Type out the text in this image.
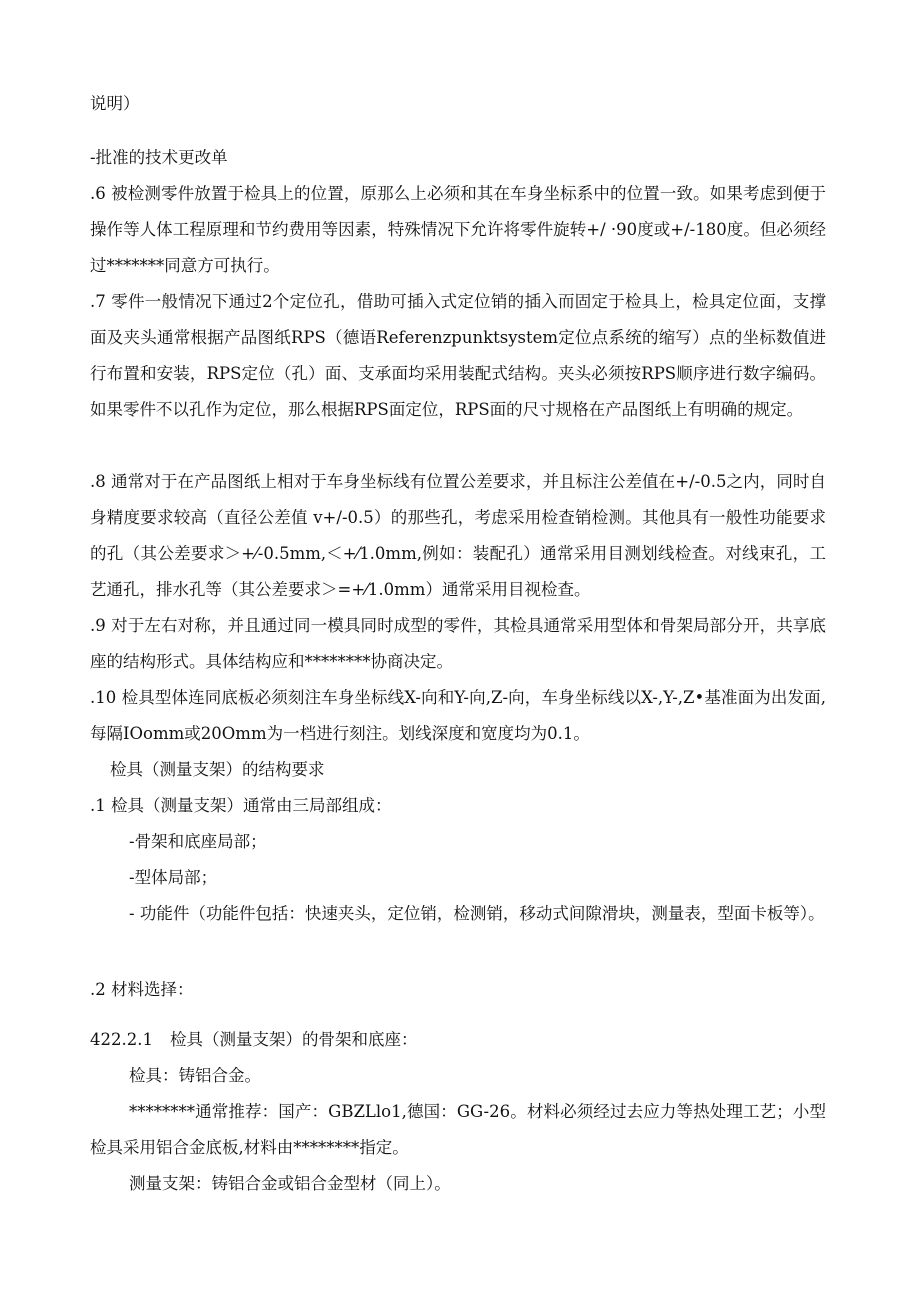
说明）

-批准的技术更改单

.6 被检测零件放置于检具上的位置，原那么上必须和其在车身坐标系中的位置一致。如果考虑到便于操作等人体工程原理和节约费用等因素，特殊情况下允许将零件旋转+/ ·90度或+/-180度。但必须经过*******同意方可执行。

.7 零件一般情况下通过2个定位孔，借助可插入式定位销的插入而固定于检具上，检具定位面，支撑面及夹头通常根据产品图纸RPS（德语Referenzpunktsystem定位点系统的缩写）点的坐标数值进行布置和安装，RPS定位（孔）面、支承面均采用装配式结构。夹头必须按RPS顺序进行数字编码。如果零件不以孔作为定位，那么根据RPS面定位，RPS面的尺寸规格在产品图纸上有明确的规定。

.8 通常对于在产品图纸上相对于车身坐标线有位置公差要求，并且标注公差值在+/-0.5之内，同时自身精度要求较高（直径公差值 v+/-0.5）的那些孔，考虑采用检查销检测。其他具有一般性功能要求的孔（其公差要求＞+⁄-0.5mm,＜+⁄1.0mm,例如：装配孔）通常采用目测划线检查。对线束孔，工艺通孔，排水孔等（其公差要求＞=+⁄1.0mm）通常采用目视检查。

.9 对于左右对称，并且通过同一模具同时成型的零件，其检具通常采用型体和骨架局部分开，共享底座的结构形式。具体结构应和********协商决定。

.10 检具型体连同底板必须刻注车身坐标线X-向和Y-向,Z-向，车身坐标线以X-,Y-,Z•基准面为出发面,每隔IOomm或20Omm为一档进行刻注。划线深度和宽度均为0.1。

检具（测量支架）的结构要求

.1 检具（测量支架）通常由三局部组成：

-骨架和底座局部；

-型体局部；

- 功能件（功能件包括：快速夹头，定位销，检测销，移动式间隙滑块，测量表，型面卡板等）。

.2 材料选择：

422.2.1 检具（测量支架）的骨架和底座：

检具：铸铝合金。

********通常推荐：国产：GBZLlo1,德国：GG-26。材料必须经过去应力等热处理工艺；小型检具采用铝合金底板,材料由********指定。

测量支架：铸铝合金或铝合金型材（同上）。
